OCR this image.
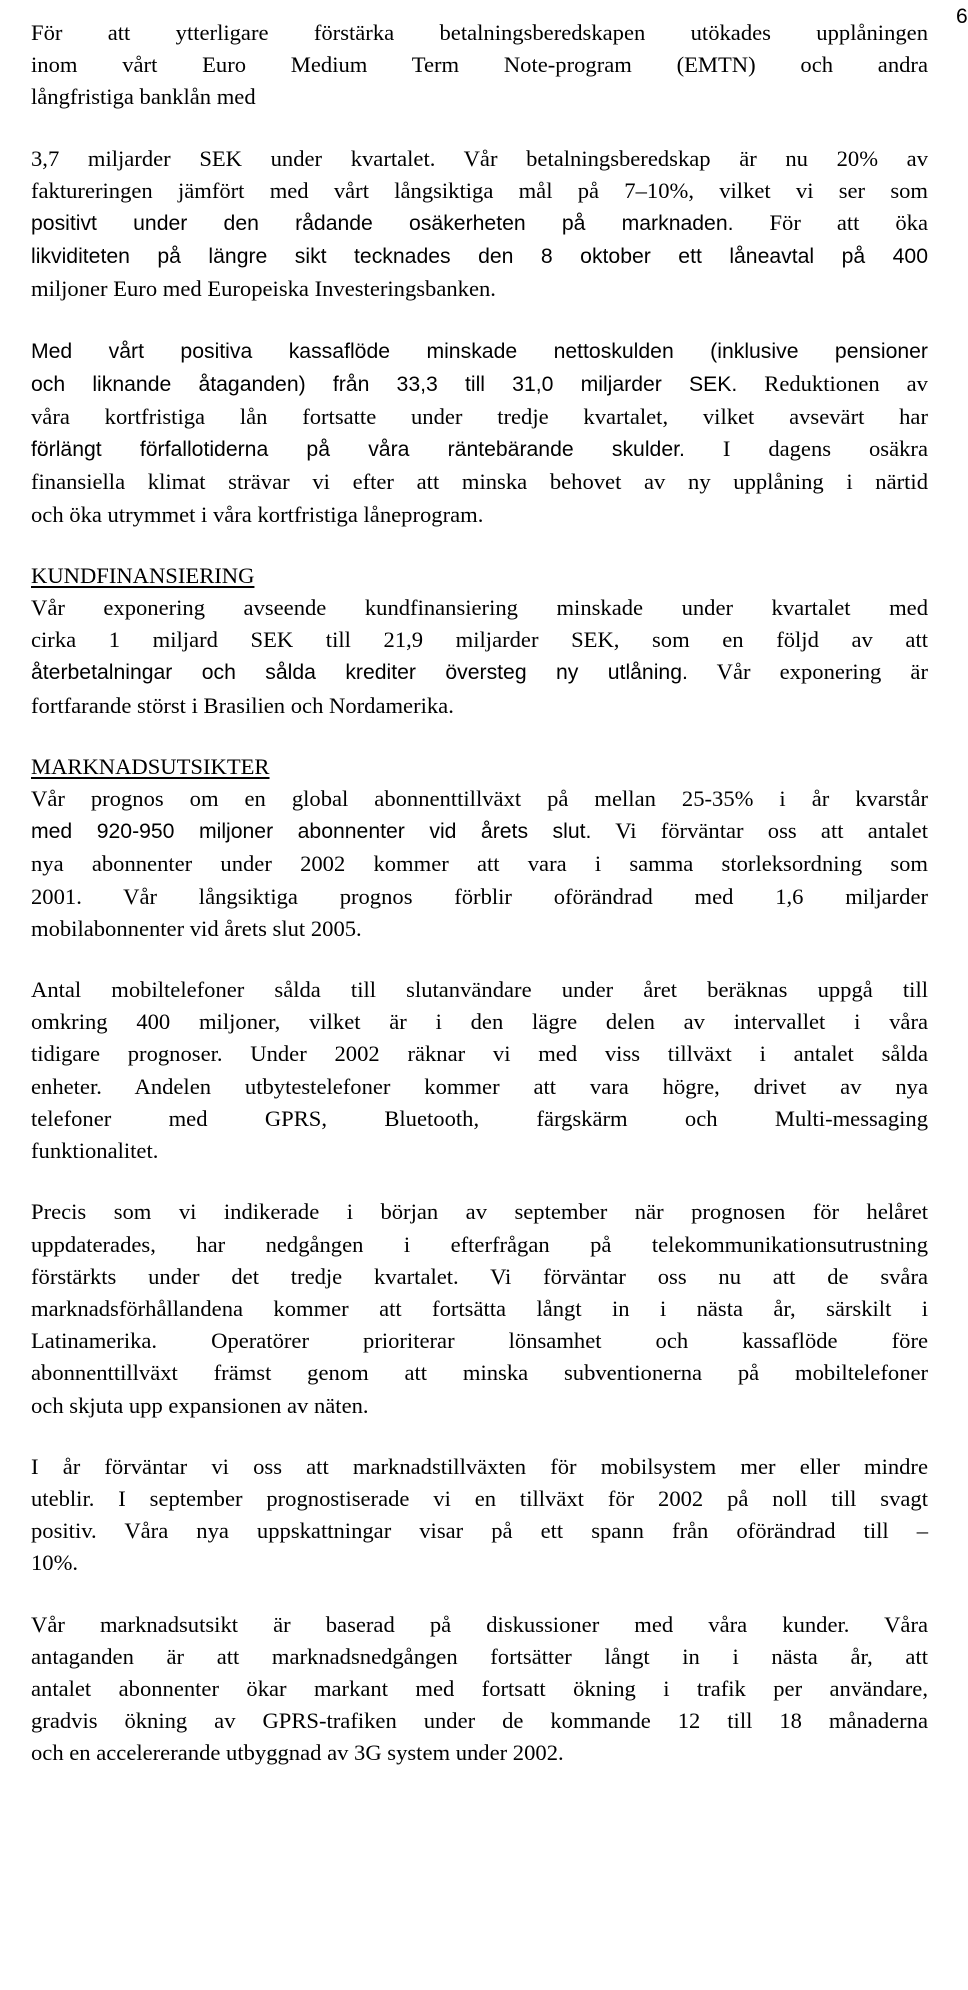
6
För att ytterligare förstärka betalningsberedskapen utökades upplåningen
inom vårt Euro Medium Term Note-program (EMTN) och andra
långfristiga banklån med
3,7 miljarder SEK under kvartalet. Vår betalningsberedskap är nu 20% av
faktureringen jämfört med vårt långsiktiga mål på 7–10%, vilket vi ser som
positivt under den rådande osäkerheten på marknaden. För att öka
likviditeten på längre sikt tecknades den 8 oktober ett låneavtal på 400
miljoner Euro med Europeiska Investeringsbanken.
Med vårt positiva kassaflöde minskade nettoskulden (inklusive pensioner
och liknande åtaganden) från 33,3 till 31,0 miljarder SEK. Reduktionen av
våra kortfristiga lån fortsatte under tredje kvartalet, vilket avsevärt har
förlängt förfallotiderna på våra räntebärande skulder. I dagens osäkra
finansiella klimat strävar vi efter att minska behovet av ny upplåning i närtid
och öka utrymmet i våra kortfristiga låneprogram.
KUNDFINANSIERING
Vår exponering avseende kundfinansiering minskade under kvartalet med
cirka 1 miljard SEK till 21,9 miljarder SEK, som en följd av att
återbetalningar och sålda krediter översteg ny utlåning. Vår exponering är
fortfarande störst i Brasilien och Nordamerika.
MARKNADSUTSIKTER
Vår prognos om en global abonnenttillväxt på mellan 25-35% i år kvarstår
med 920-950 miljoner abonnenter vid årets slut. Vi förväntar oss att antalet
nya abonnenter under 2002 kommer att vara i samma storleksordning som
2001. Vår långsiktiga prognos förblir oförändrad med 1,6 miljarder
mobilabonnenter vid årets slut 2005.
Antal mobiltelefoner sålda till slutanvändare under året beräknas uppgå till
omkring 400 miljoner, vilket är i den lägre delen av intervallet i våra
tidigare prognoser. Under 2002 räknar vi med viss tillväxt i antalet sålda
enheter. Andelen utbytestelefoner kommer att vara högre, drivet av nya
telefoner med GPRS, Bluetooth, färgskärm och Multi-messaging
funktionalitet.
Precis som vi indikerade i början av september när prognosen för helåret
uppdaterades, har nedgången i efterfrågan på telekommunikationsutrustning
förstärkts under det tredje kvartalet. Vi förväntar oss nu att de svåra
marknadsförhållandena kommer att fortsätta långt in i nästa år, särskilt i
Latinamerika. Operatörer prioriterar lönsamhet och kassaflöde före
abonnenttillväxt främst genom att minska subventionerna på mobiltelefoner
och skjuta upp expansionen av näten.
I år förväntar vi oss att marknadstillväxten för mobilsystem mer eller mindre
uteblir. I september prognostiserade vi en tillväxt för 2002 på noll till svagt
positiv. Våra nya uppskattningar visar på ett spann från oförändrad till –
10%.
Vår marknadsutsikt är baserad på diskussioner med våra kunder. Våra
antaganden är att marknadsnedgången fortsätter långt in i nästa år, att
antalet abonnenter ökar markant med fortsatt ökning i trafik per användare,
gradvis ökning av GPRS-trafiken under de kommande 12 till 18 månaderna
och en accelererande utbyggnad av 3G system under 2002.
